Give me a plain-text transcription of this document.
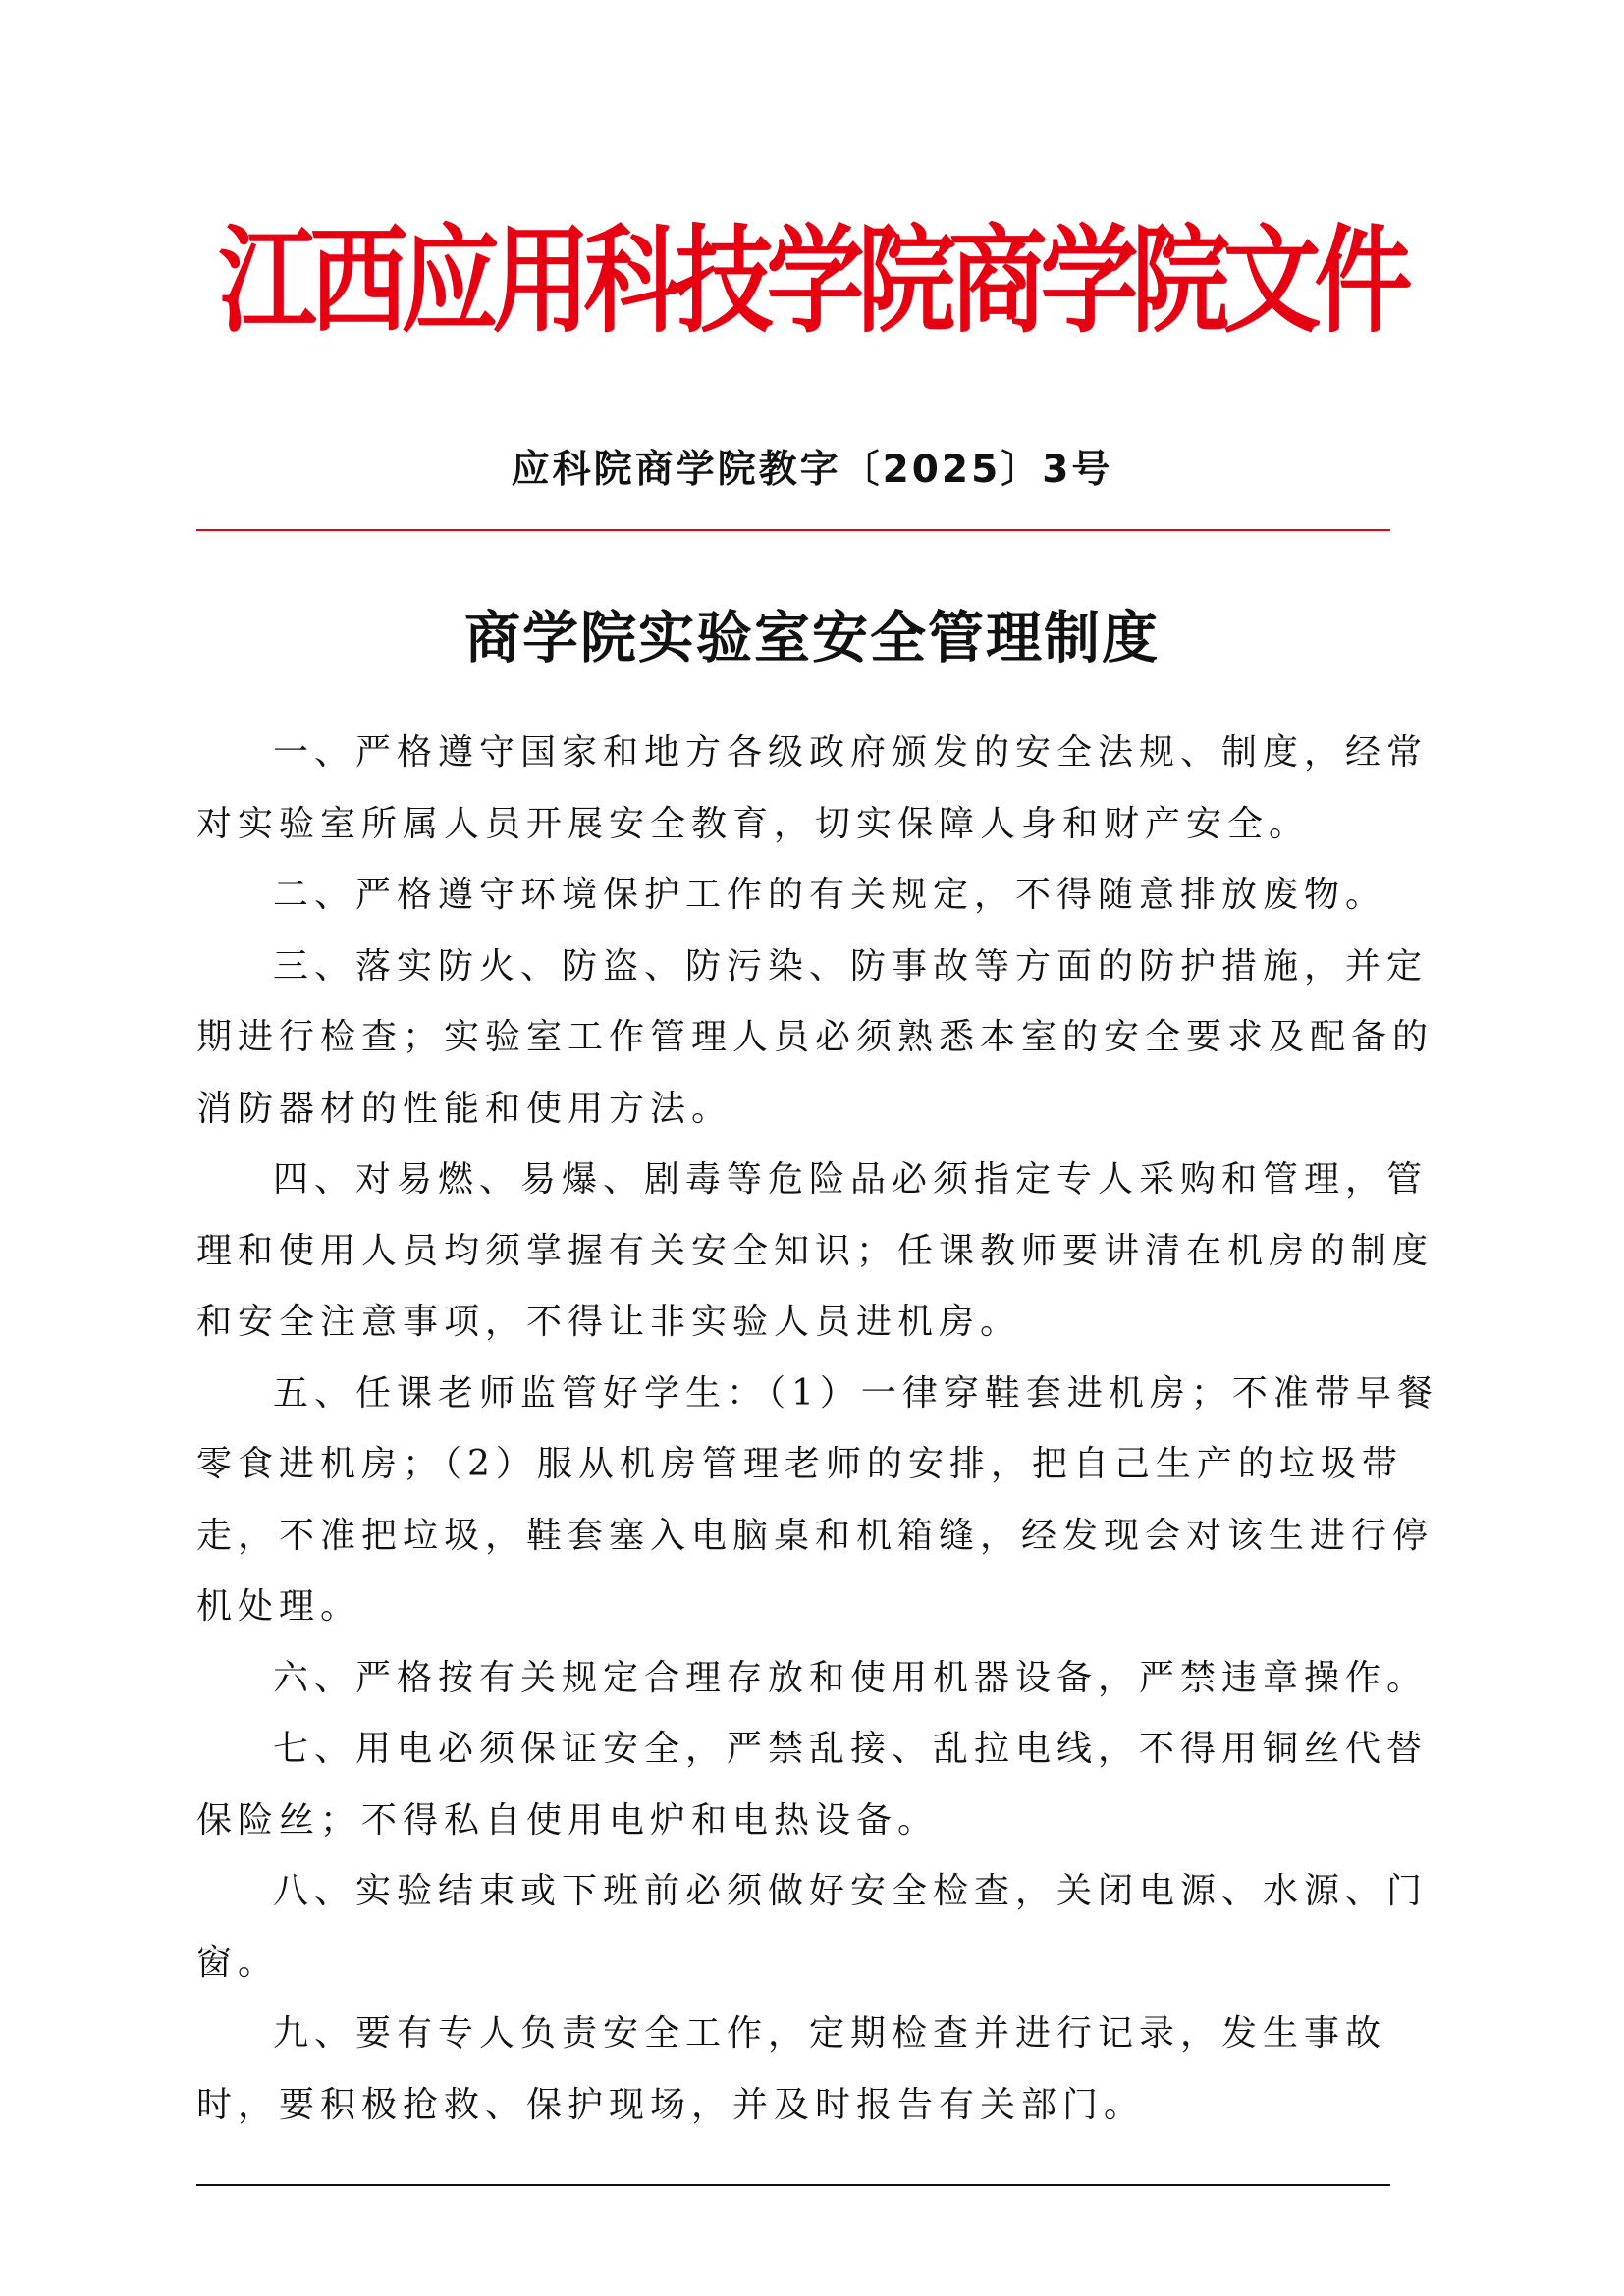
江西应用科技学院商学院文件
应科院商学院教字〔2025〕3号
商学院实验室安全管理制度

一、严格遵守国家和地方各级政府颁发的安全法规、制度，经常
对实验室所属人员开展安全教育，切实保障人身和财产安全。

二、严格遵守环境保护工作的有关规定，不得随意排放废物。

三、落实防火、防盗、防污染、防事故等方面的防护措施，并定
期进行检查；实验室工作管理人员必须熟悉本室的安全要求及配备的
消防器材的性能和使用方法。

四、对易燃、易爆、剧毒等危险品必须指定专人采购和管理，管
理和使用人员均须掌握有关安全知识；任课教师要讲清在机房的制度
和安全注意事项，不得让非实验人员进机房。

五、任课老师监管好学生：（1）一律穿鞋套进机房；不准带早餐
零食进机房；（2）服从机房管理老师的安排，把自己生产的垃圾带
走，不准把垃圾，鞋套塞入电脑桌和机箱缝，经发现会对该生进行停
机处理。

六、严格按有关规定合理存放和使用机器设备，严禁违章操作。

七、用电必须保证安全，严禁乱接、乱拉电线，不得用铜丝代替
保险丝；不得私自使用电炉和电热设备。

八、实验结束或下班前必须做好安全检查，关闭电源、水源、门
窗。

九、要有专人负责安全工作，定期检查并进行记录，发生事故
时，要积极抢救、保护现场，并及时报告有关部门。
